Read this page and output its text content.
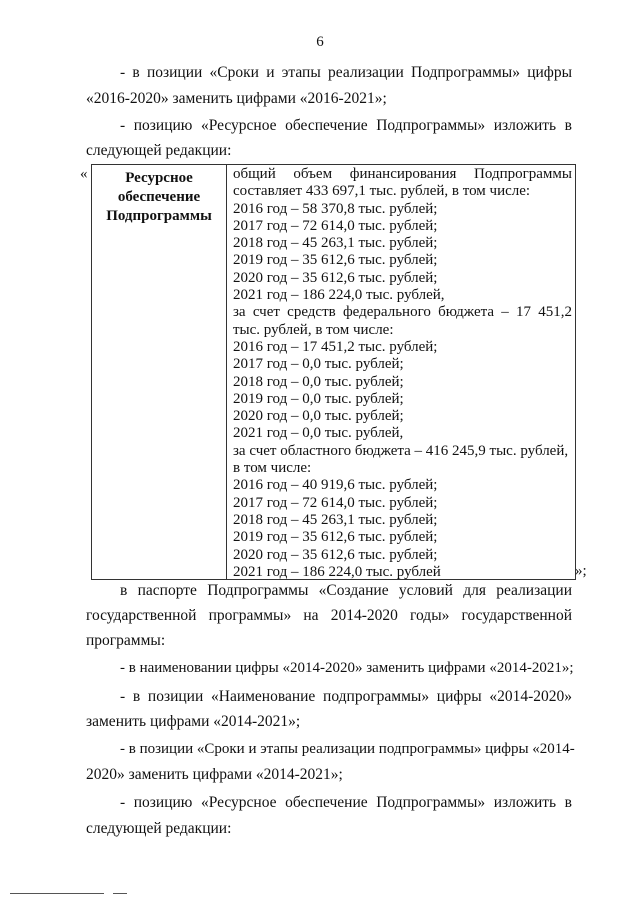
6
- в позиции «Сроки и этапы реализации Подпрограммы» цифры
«2016-2020» заменить цифрами «2016-2021»;
- позицию «Ресурсное обеспечение Подпрограммы» изложить в
следующей редакции:
«	Ресурсное
обеспечение
Подпрограммы
общий объем финансирования Подпрограммы
составляет 433 697,1 тыс. рублей, в том числе:
2016 год – 58 370,8 тыс. рублей;
2017 год – 72 614,0 тыс. рублей;
2018 год – 45 263,1 тыс. рублей;
2019 год – 35 612,6 тыс. рублей;
2020 год – 35 612,6 тыс. рублей;
2021 год – 186 224,0 тыс. рублей,
за счет средств федерального бюджета – 17 451,2
тыс. рублей, в том числе:
2016 год – 17 451,2 тыс. рублей;
2017 год – 0,0 тыс. рублей;
2018 год – 0,0 тыс. рублей;
2019 год – 0,0 тыс. рублей;
2020 год – 0,0 тыс. рублей;
2021 год – 0,0 тыс. рублей,
за счет областного бюджета – 416 245,9 тыс. рублей,
в том числе:
2016 год – 40 919,6 тыс. рублей;
2017 год – 72 614,0 тыс. рублей;
2018 год – 45 263,1 тыс. рублей;
2019 год – 35 612,6 тыс. рублей;
2020 год – 35 612,6 тыс. рублей;
2021 год – 186 224,0 тыс. рублей	»;
в паспорте Подпрограммы «Создание условий для реализации
государственной программы» на 2014-2020 годы» государственной
программы:
- в наименовании цифры «2014-2020» заменить цифрами «2014-2021»;
- в позиции «Наименование подпрограммы» цифры «2014-2020»
заменить цифрами «2014-2021»;
- в позиции «Сроки и этапы реализации подпрограммы» цифры «2014-
2020» заменить цифрами «2014-2021»;
- позицию «Ресурсное обеспечение Подпрограммы» изложить в
следующей редакции:
